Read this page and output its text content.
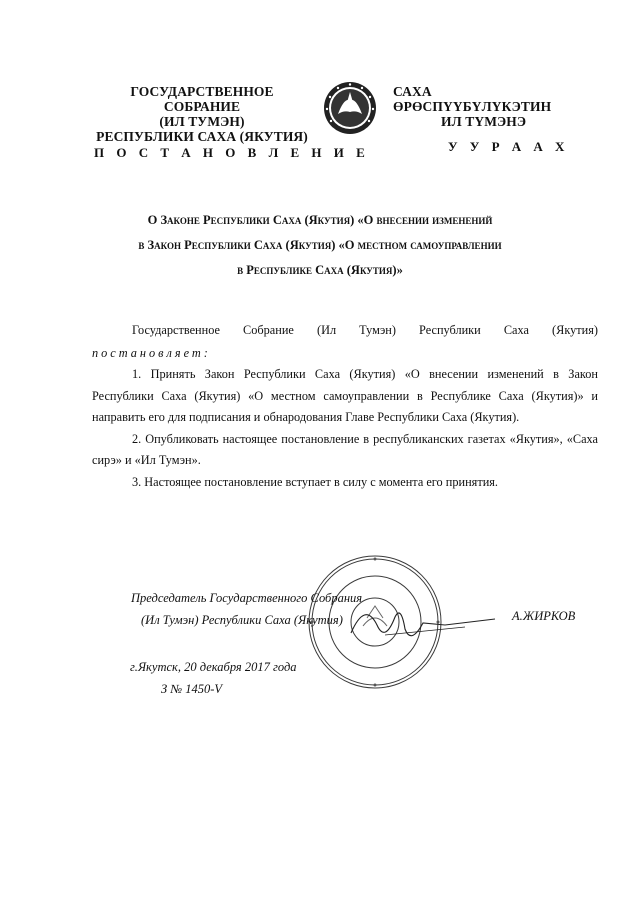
ГОСУДАРСТВЕННОЕ СОБРАНИЕ
(ИЛ ТУМЭН)
РЕСПУБЛИКИ САХА (ЯКУТИЯ)
САХА ӨРӨСПҮҮБҮЛҮКЭТИН
ИЛ ТҮМЭНЭ
П О С Т А Н О В Л Е Н И Е	У У Р А А Х
О Законе Республики Саха (Якутия) «О внесении изменений
в Закон Республики Саха (Якутия) «О местном самоуправлении
в Республике Саха (Якутия)»

Государственное Собрание (Ил Тумэн) Республики Саха (Якутия)

постановляет:

1. Принять Закон Республики Саха (Якутия) «О внесении изменений в Закон Республики Саха (Якутия) «О местном самоуправлении в Республике Саха (Якутия)» и направить его для подписания и обнародования Главе Республики Саха (Якутия).

2. Опубликовать настоящее постановление в республиканских газетах «Якутия», «Саха сирэ» и «Ил Тумэн».

3. Настоящее постановление вступает в силу с момента его принятия.

Председатель Государственного Собрания
(Ил Тумэн) Республики Саха (Якутия)	А.ЖИРКОВ
г.Якутск, 20 декабря 2017 года
З № 1450-V
